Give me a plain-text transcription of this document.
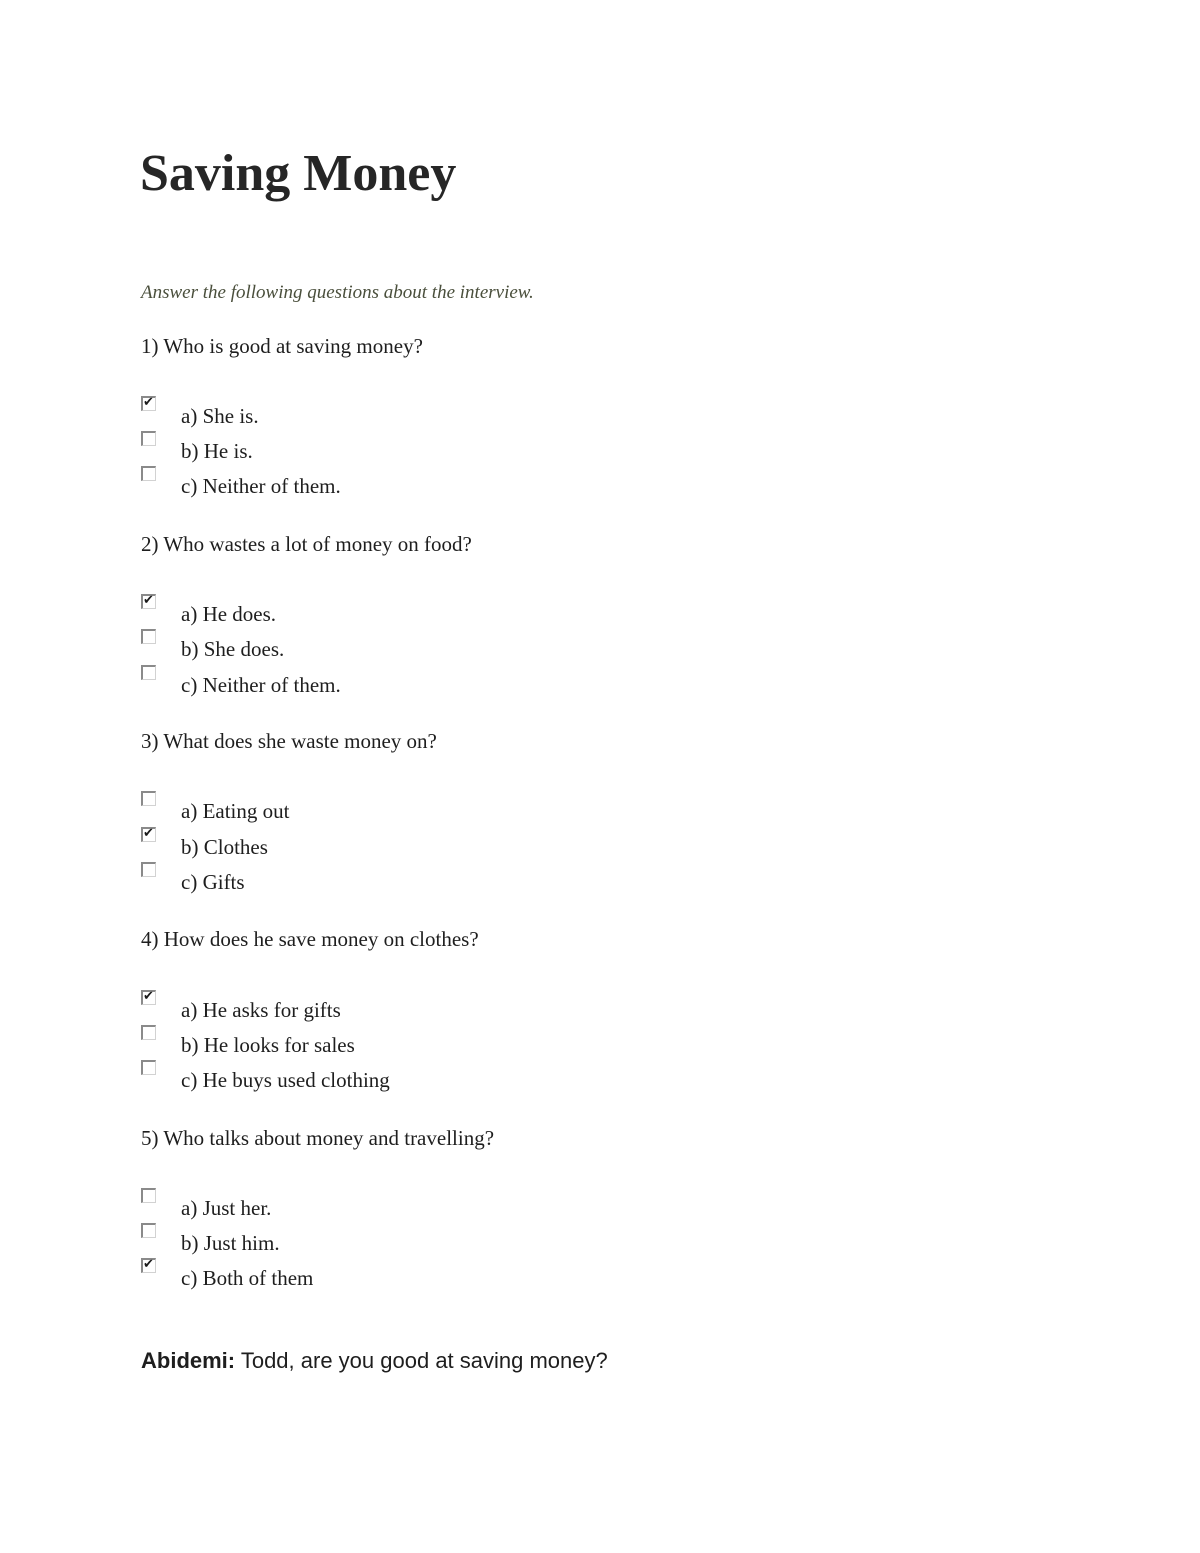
Saving Money
Answer the following questions about the interview.
1) Who is good at saving money?
✔
a) She is.
b) He is.
c) Neither of them.
2) Who wastes a lot of money on food?
✔
a) He does.
b) She does.
c) Neither of them.
3) What does she waste money on?
a) Eating out
✔
b) Clothes
c) Gifts
4) How does he save money on clothes?
✔
a) He asks for gifts
b) He looks for sales
c) He buys used clothing
5) Who talks about money and travelling?
a) Just her.
b) Just him.
✔
c) Both of them
Abidemi: Todd, are you good at saving money?
